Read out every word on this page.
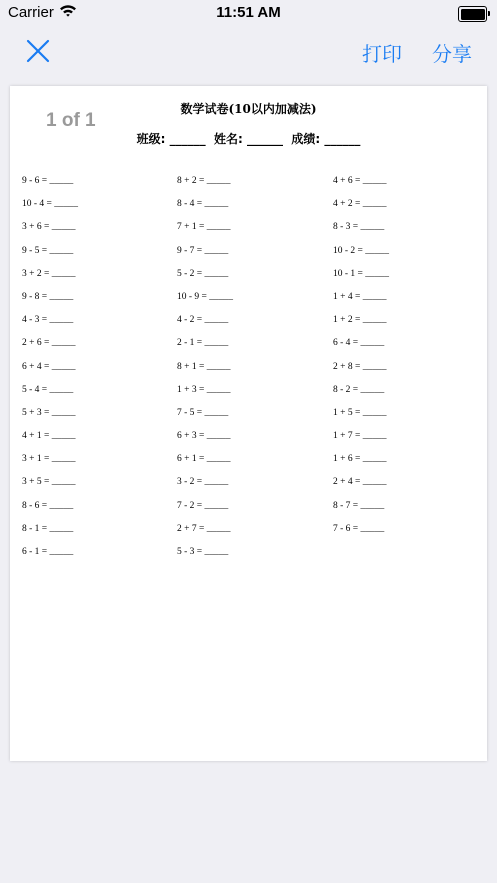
Carrier	11:51 AM
打印 分享
1 of 1
数学试卷(10以内加减法)
班级: ______  姓名: ______  成绩: ______
9 - 6 = _____
10 - 4 = _____
3 + 6 = _____
9 - 5 = _____
3 + 2 = _____
9 - 8 = _____
4 - 3 = _____
2 + 6 = _____
6 + 4 = _____
5 - 4 = _____
5 + 3 = _____
4 + 1 = _____
3 + 1 = _____
3 + 5 = _____
8 - 6 = _____
8 - 1 = _____
6 - 1 = _____
8 + 2 = _____
8 - 4 = _____
7 + 1 = _____
9 - 7 = _____
5 - 2 = _____
10 - 9 = _____
4 - 2 = _____
2 - 1 = _____
8 + 1 = _____
1 + 3 = _____
7 - 5 = _____
6 + 3 = _____
6 + 1 = _____
3 - 2 = _____
7 - 2 = _____
2 + 7 = _____
5 - 3 = _____
4 + 6 = _____
4 + 2 = _____
8 - 3 = _____
10 - 2 = _____
10 - 1 = _____
1 + 4 = _____
1 + 2 = _____
6 - 4 = _____
2 + 8 = _____
8 - 2 = _____
1 + 5 = _____
1 + 7 = _____
1 + 6 = _____
2 + 4 = _____
8 - 7 = _____
7 - 6 = _____
